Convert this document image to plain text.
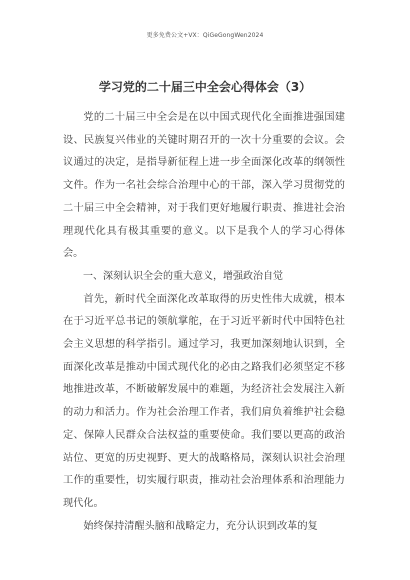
更多免费公文+VX：QiGeGongWen2024
学习党的二十届三中全会心得体会（3）

党的二十届三中全会是在以中国式现代化全面推进强国建设、民族复兴伟业的关键时期召开的一次十分重要的会议。会议通过的决定，是指导新征程上进一步全面深化改革的纲领性文件。作为一名社会综合治理中心的干部，深入学习贯彻党的二十届三中全会精神，对于我们更好地履行职责、推进社会治理现代化具有极其重要的意义。以下是我个人的学习心得体会。

一、深刻认识全会的重大意义，增强政治自觉

首先，新时代全面深化改革取得的历史性伟大成就，根本在于习近平总书记的领航掌舵，在于习近平新时代中国特色社会主义思想的科学指引。通过学习，我更加深刻地认识到，全面深化改革是推动中国式现代化的必由之路我们必须坚定不移地推进改革，不断破解发展中的难题，为经济社会发展注入新的动力和活力。作为社会治理工作者，我们肩负着维护社会稳定、保障人民群众合法权益的重要使命。我们要以更高的政治站位、更宽的历史视野、更大的战略格局，深刻认识社会治理工作的重要性，切实履行职责，推动社会治理体系和治理能力现代化。

始终保持清醒头脑和战略定力，充分认识到改革的复
